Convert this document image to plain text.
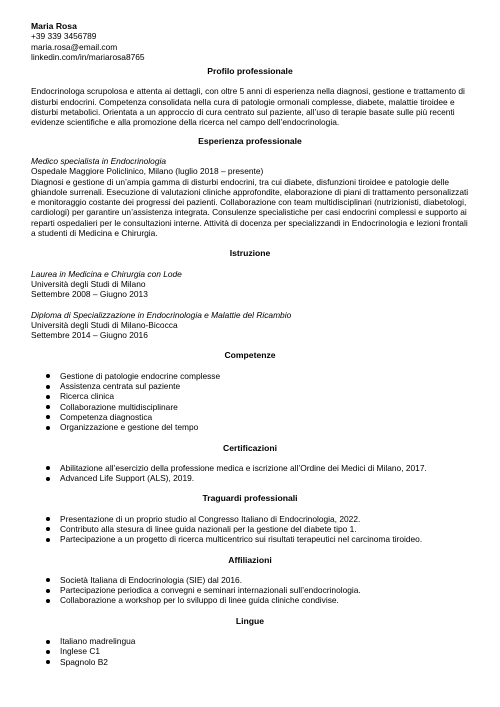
Maria Rosa

+39 339 3456789

maria.rosa@email.com

linkedin.com/in/mariarosa8765

Profilo professionale

Endocrinologa scrupolosa e attenta ai dettagli, con oltre 5 anni di esperienza nella diagnosi, gestione e trattamento di disturbi endocrini. Competenza consolidata nella cura di patologie ormonali complesse, diabete, malattie tiroidee e disturbi metabolici. Orientata a un approccio di cura centrato sul paziente, all’uso di terapie basate sulle più recenti evidenze scientifiche e alla promozione della ricerca nel campo dell’endocrinologia.

Esperienza professionale

Medico specialista in Endocrinologia

Ospedale Maggiore Policlinico, Milano (luglio 2018 – presente)

Diagnosi e gestione di un’ampia gamma di disturbi endocrini, tra cui diabete, disfunzioni tiroidee e patologie delle ghiandole surrenali. Esecuzione di valutazioni cliniche approfondite, elaborazione di piani di trattamento personalizzati e monitoraggio costante dei progressi dei pazienti. Collaborazione con team multidisciplinari (nutrizionisti, diabetologi, cardiologi) per garantire un’assistenza integrata. Consulenze specialistiche per casi endocrini complessi e supporto ai reparti ospedalieri per le consultazioni interne. Attività di docenza per specializzandi in Endocrinologia e lezioni frontali a studenti di Medicina e Chirurgia.

Istruzione

Laurea in Medicina e Chirurgia con Lode

Università degli Studi di Milano

Settembre 2008 – Giugno 2013

Diploma di Specializzazione in Endocrinologia e Malattie del Ricambio

Università degli Studi di Milano-Bicocca

Settembre 2014 – Giugno 2016

Competenze
Gestione di patologie endocrine complesse
Assistenza centrata sul paziente
Ricerca clinica
Collaborazione multidisciplinare
Competenza diagnostica
Organizzazione e gestione del tempo
Certificazioni
Abilitazione all’esercizio della professione medica e iscrizione all’Ordine dei Medici di Milano, 2017.
Advanced Life Support (ALS), 2019.
Traguardi professionali
Presentazione di un proprio studio al Congresso Italiano di Endocrinologia, 2022.
Contributo alla stesura di linee guida nazionali per la gestione del diabete tipo 1.
Partecipazione a un progetto di ricerca multicentrico sui risultati terapeutici nel carcinoma tiroideo.
Affiliazioni
Società Italiana di Endocrinologia (SIE) dal 2016.
Partecipazione periodica a convegni e seminari internazionali sull’endocrinologia.
Collaborazione a workshop per lo sviluppo di linee guida cliniche condivise.
Lingue
Italiano madrelingua
Inglese C1
Spagnolo B2
